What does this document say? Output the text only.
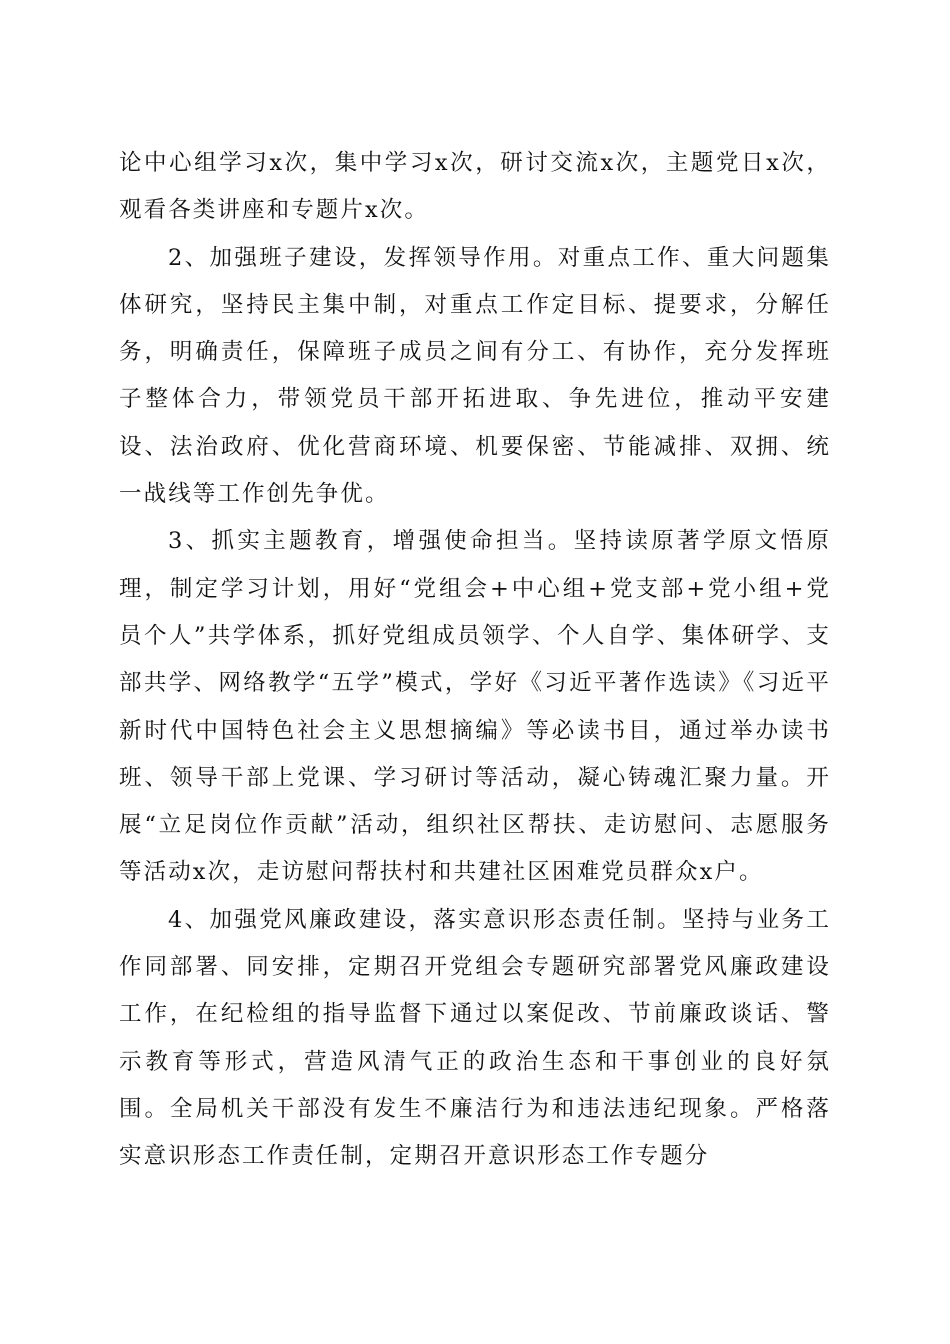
论中心组学习x次，集中学习x次，研讨交流x次，主题党日x次，观看各类讲座和专题片x次。

2、加强班子建设，发挥领导作用。对重点工作、重大问题集体研究，坚持民主集中制，对重点工作定目标、提要求，分解任务，明确责任，保障班子成员之间有分工、有协作，充分发挥班子整体合力，带领党员干部开拓进取、争先进位，推动平安建设、法治政府、优化营商环境、机要保密、节能减排、双拥、统一战线等工作创先争优。

3、抓实主题教育，增强使命担当。坚持读原著学原文悟原理，制定学习计划，用好“党组会+中心组+党支部+党小组+党员个人”共学体系，抓好党组成员领学、个人自学、集体研学、支部共学、网络教学“五学”模式，学好《习近平著作选读》《习近平新时代中国特色社会主义思想摘编》等必读书目，通过举办读书班、领导干部上党课、学习研讨等活动，凝心铸魂汇聚力量。开展“立足岗位作贡献”活动，组织社区帮扶、走访慰问、志愿服务等活动x次，走访慰问帮扶村和共建社区困难党员群众x户。

4、加强党风廉政建设，落实意识形态责任制。坚持与业务工作同部署、同安排，定期召开党组会专题研究部署党风廉政建设工作，在纪检组的指导监督下通过以案促改、节前廉政谈话、警示教育等形式，营造风清气正的政治生态和干事创业的良好氛围。全局机关干部没有发生不廉洁行为和违法违纪现象。严格落实意识形态工作责任制，定期召开意识形态工作专题分
